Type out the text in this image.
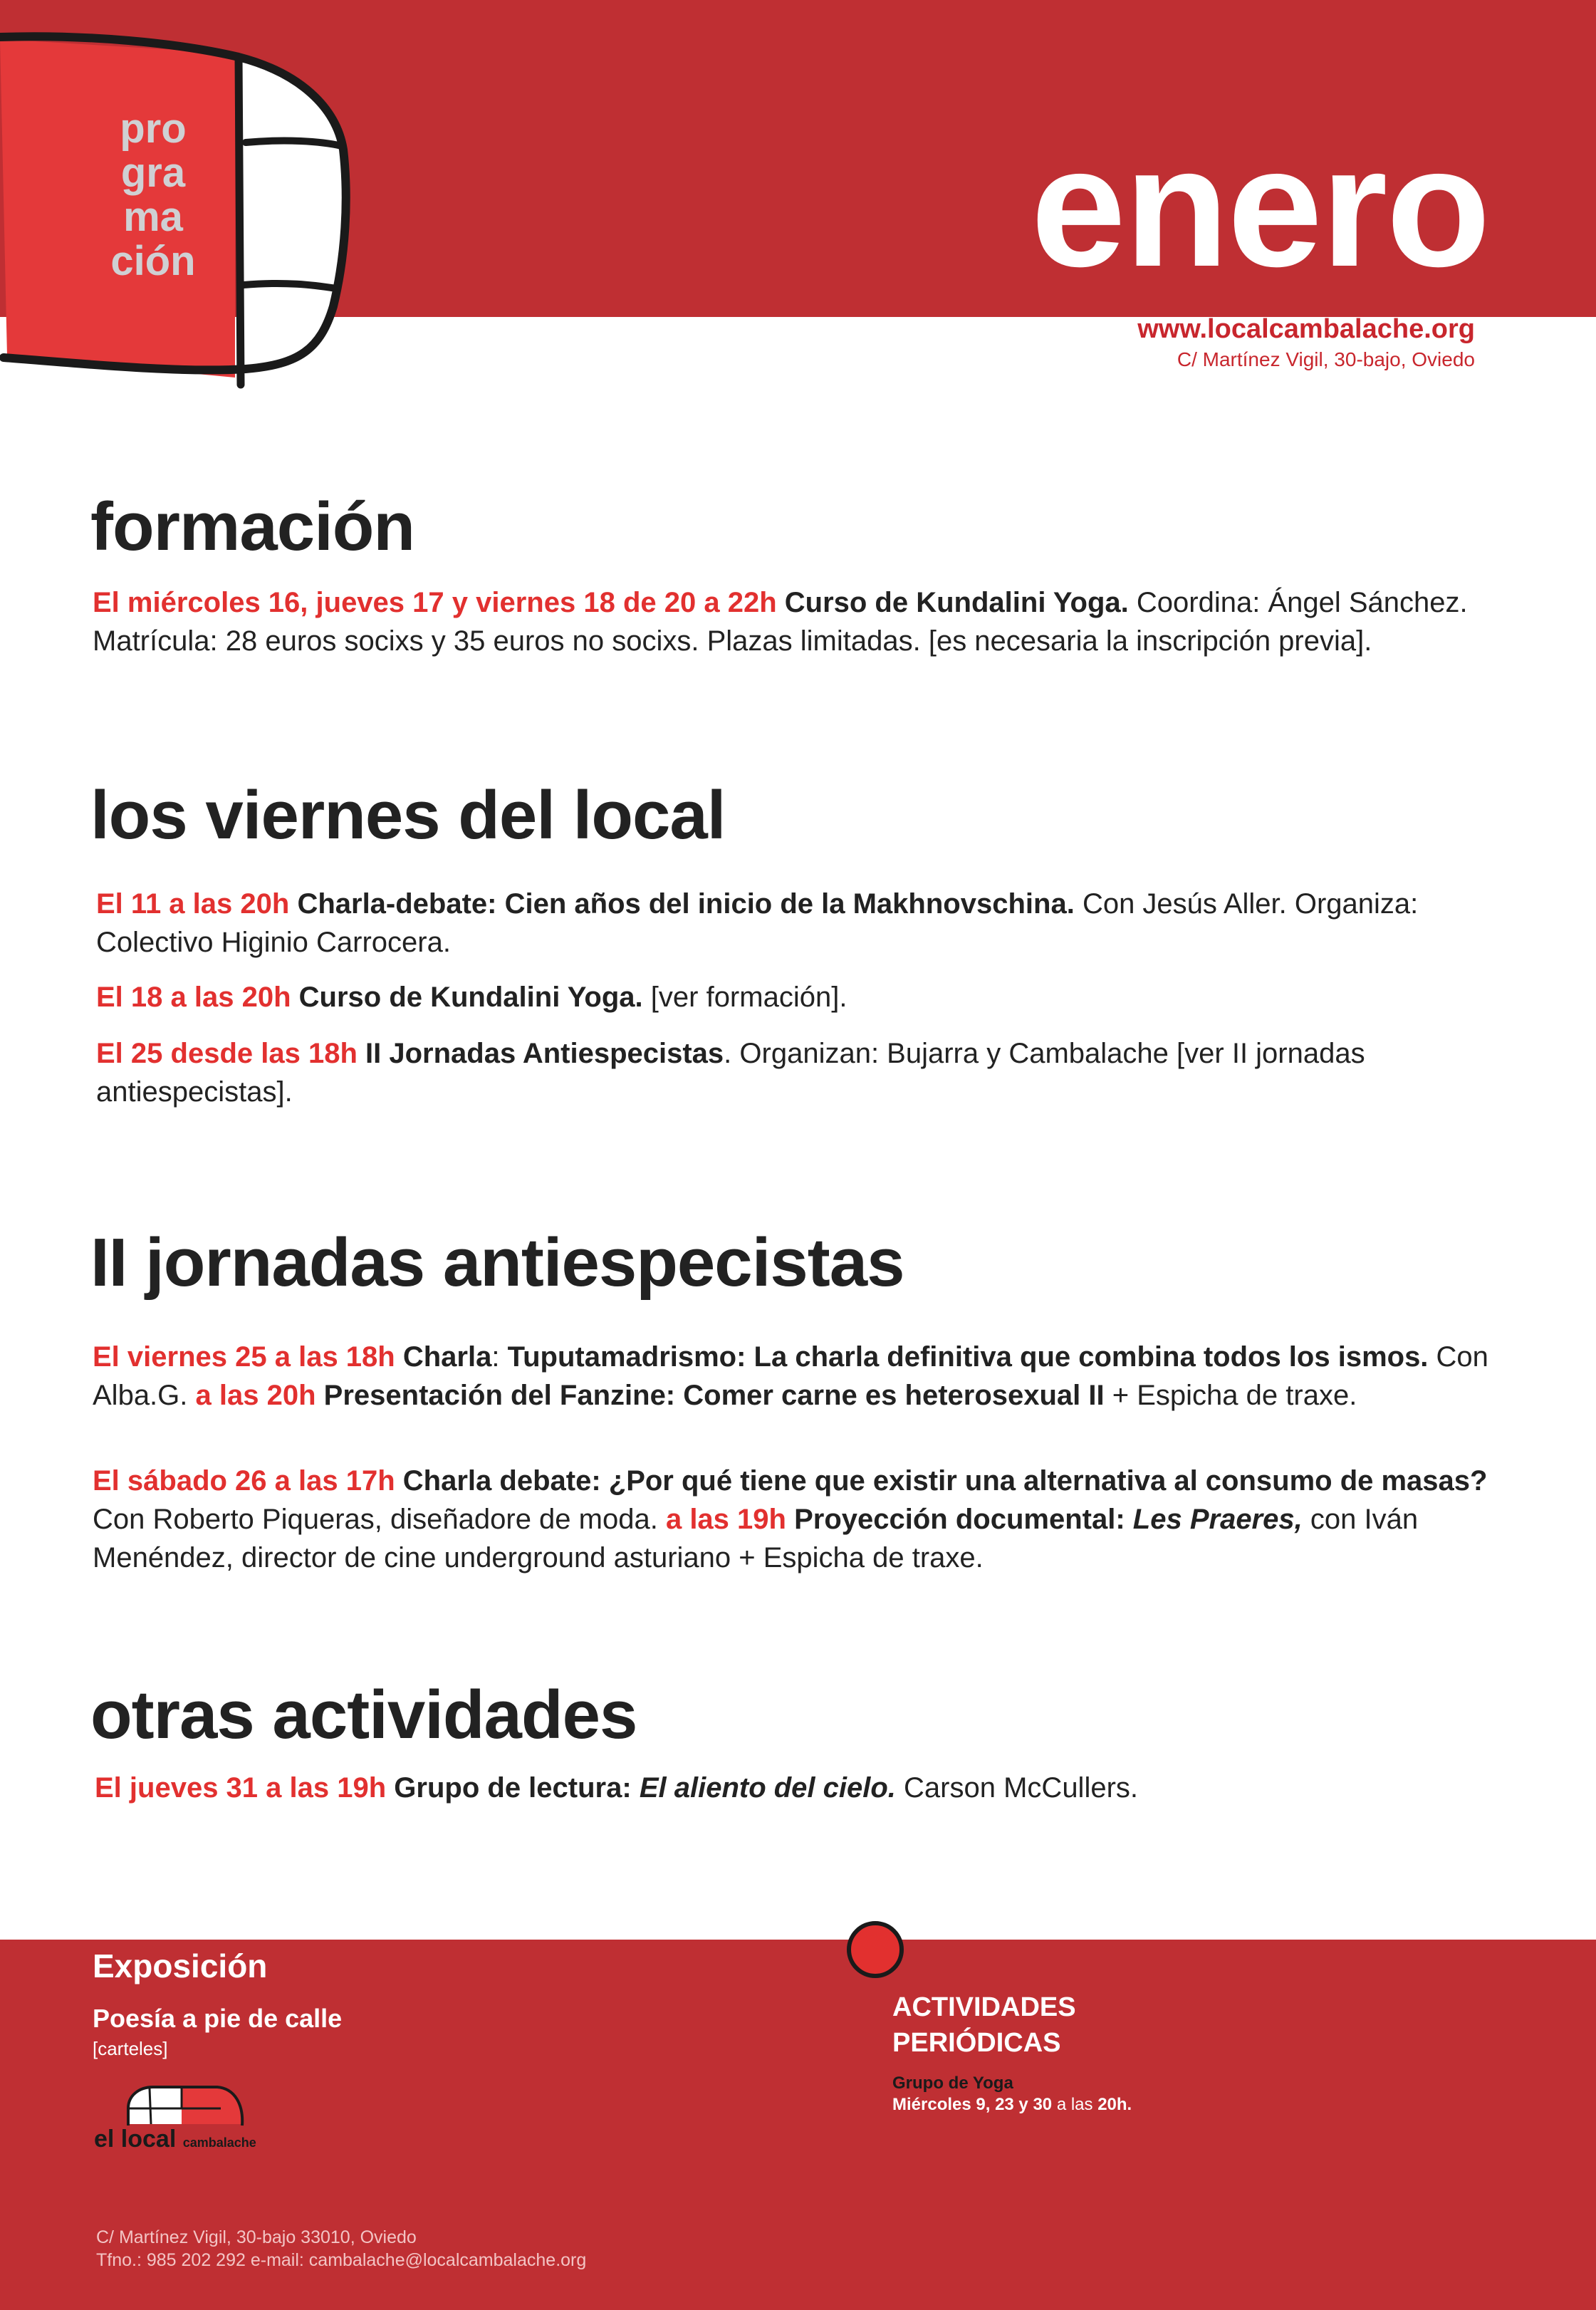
pro
gra
ma
ción	enero
www.localcambalache.org
C/ Martínez Vigil, 30-bajo, Oviedo
formación
El miércoles 16, jueves 17 y viernes 18 de 20 a 22h Curso de Kundalini Yoga. Coordina: Ángel Sánchez. Matrícula: 28 euros socixs y 35 euros no socixs. Plazas limitadas. [es necesaria la inscripción previa].
los viernes del local
El 11 a las 20h Charla-debate: Cien años del inicio de la Makhnovschina. Con Jesús Aller. Organiza: Colectivo Higinio Carrocera.
El 18 a las 20h Curso de Kundalini Yoga. [ver formación].
El 25 desde las 18h II Jornadas Antiespecistas. Organizan: Bujarra y Cambalache [ver II jornadas antiespecistas].
II jornadas antiespecistas
El viernes 25 a las 18h Charla: Tuputamadrismo: La charla definitiva que combina todos los ismos. Con Alba.G. a las 20h Presentación del Fanzine: Comer carne es heterosexual II + Espicha de traxe.
El sábado 26 a las 17h Charla debate: ¿Por qué tiene que existir una alternativa al consumo de masas? Con Roberto Piqueras, diseñadore de moda. a las 19h Proyección documental: Les Praeres, con Iván Menéndez, director de cine underground asturiano + Espicha de traxe.
otras actividades
El jueves 31 a las 19h Grupo de lectura: El aliento del cielo. Carson McCullers.
Exposición
Poesía a pie de calle
[carteles]
el local cambalache
C/ Martínez Vigil, 30-bajo 33010, Oviedo
Tfno.: 985 202 292 e-mail: cambalache@localcambalache.org
ACTIVIDADES
PERIÓDICAS
Grupo de Yoga
Miércoles 9, 23 y 30 a las 20h.
